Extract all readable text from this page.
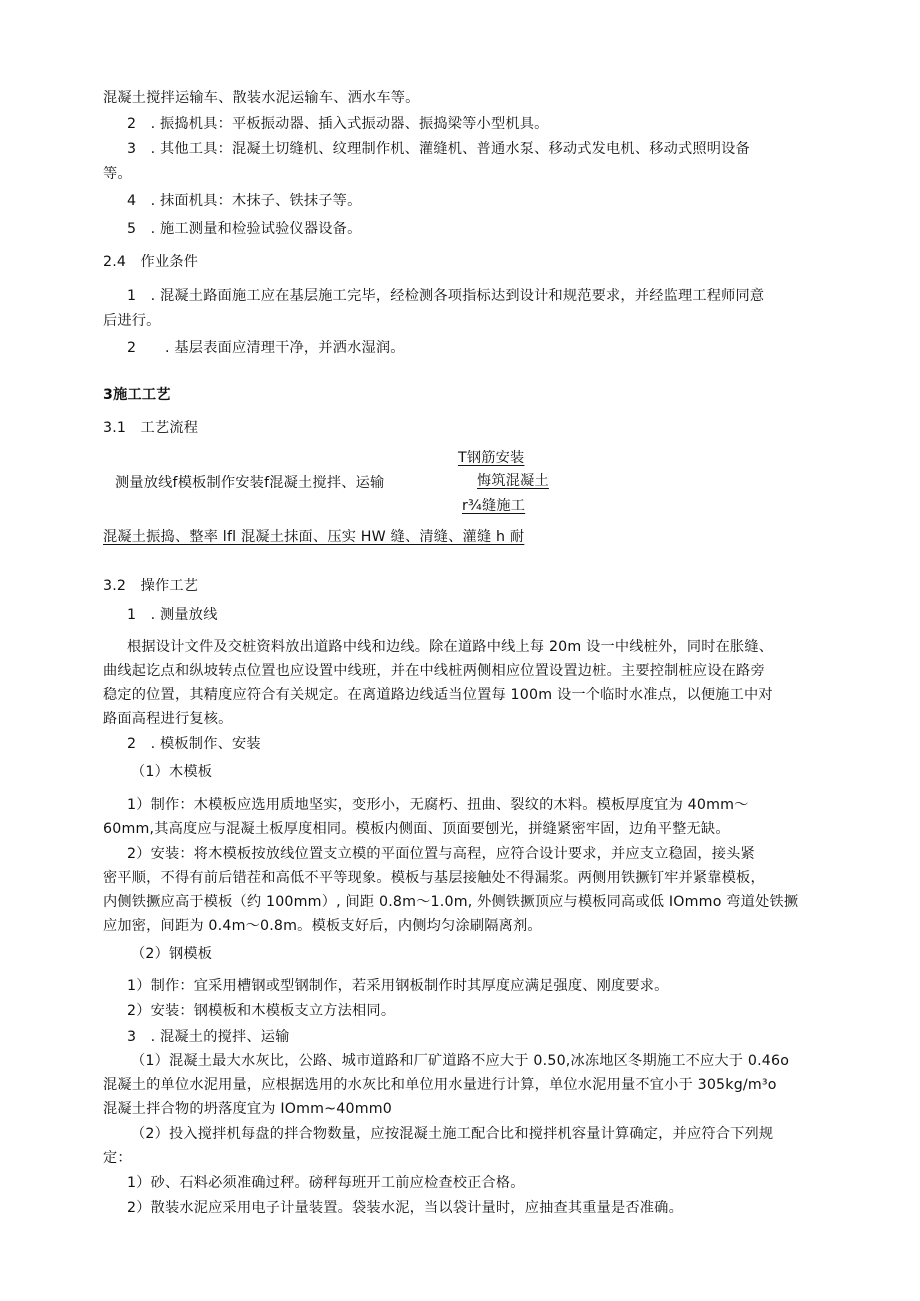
混凝土搅拌运输车、散装水泥运输车、洒水车等。
2　. 振捣机具：平板振动器、插入式振动器、振捣梁等小型机具。
3　. 其他工具：混凝土切缝机、纹理制作机、灌缝机、普通水泵、移动式发电机、移动式照明设备
等。
4　. 抹面机具：木抹子、铁抹子等。
5　. 施工测量和检验试验仪器设备。
2.4　作业条件
1　. 混凝土路面施工应在基层施工完毕，经检测各项指标达到设计和规范要求，并经监理工程师同意
后进行。
2　　. 基层表面应清理干净，并洒水湿润。
3施工工艺
3.1　工艺流程
T钢筋安装
测量放线f模板制作安装f混凝土搅拌、运输	悔筑混凝土
r¾缝施工
混凝土振捣、整率 lfl 混凝土抹面、压实 HW 缝、清缝、灌缝 h 耐
3.2　操作工艺
1　. 测量放线
根据设计文件及交桩资料放出道路中线和边线。除在道路中线上每 20m 设一中线桩外，同时在胀缝、
曲线起讫点和纵坡转点位置也应设置中线班，并在中线桩两侧相应位置设置边桩。主要控制桩应设在路旁
稳定的位置，其精度应符合有关规定。在离道路边线适当位置每 100m 设一个临时水准点，以便施工中对
路面高程进行复核。
2　. 模板制作、安装
（1）木模板
1）制作：木模板应选用质地坚实，变形小，无腐朽、扭曲、裂纹的木料。模板厚度宜为 40mm～
60mm,其高度应与混凝土板厚度相同。模板内侧面、顶面要刨光，拼缝紧密牢固，边角平整无缺。
2）安装：将木模板按放线位置支立模的平面位置与高程，应符合设计要求，并应支立稳固，接头紧
密平顺，不得有前后错茬和高低不平等现象。模板与基层接触处不得漏浆。两侧用铁撅钉牢并紧靠模板，
内侧铁撅应高于模板（约 100mm）, 间距 0.8m～1.0m, 外侧铁撅顶应与模板同高或低 IOmmo 弯道处铁撅
应加密，间距为 0.4m～0.8m。模板支好后，内侧均匀涂刷隔离剂。
（2）钢模板
1）制作：宜采用槽钢或型钢制作，若采用钢板制作时其厚度应满足强度、刚度要求。
2）安装：钢模板和木模板支立方法相同。
3　. 混凝土的搅拌、运输
（1）混凝土最大水灰比，公路、城市道路和厂矿道路不应大于 0.50,冰冻地区冬期施工不应大于 0.46o
混凝土的单位水泥用量，应根据选用的水灰比和单位用水量进行计算，单位水泥用量不宜小于 305kg∕m³o
混凝土拌合物的坍落度宜为 IOmm~40mm0
（2）投入搅拌机每盘的拌合物数量，应按混凝土施工配合比和搅拌机容量计算确定，并应符合下列规
定：
1）砂、石料必须准确过秤。磅秤每班开工前应检查校正合格。
2）散装水泥应采用电子计量装置。袋装水泥，当以袋计量时，应抽查其重量是否准确。
